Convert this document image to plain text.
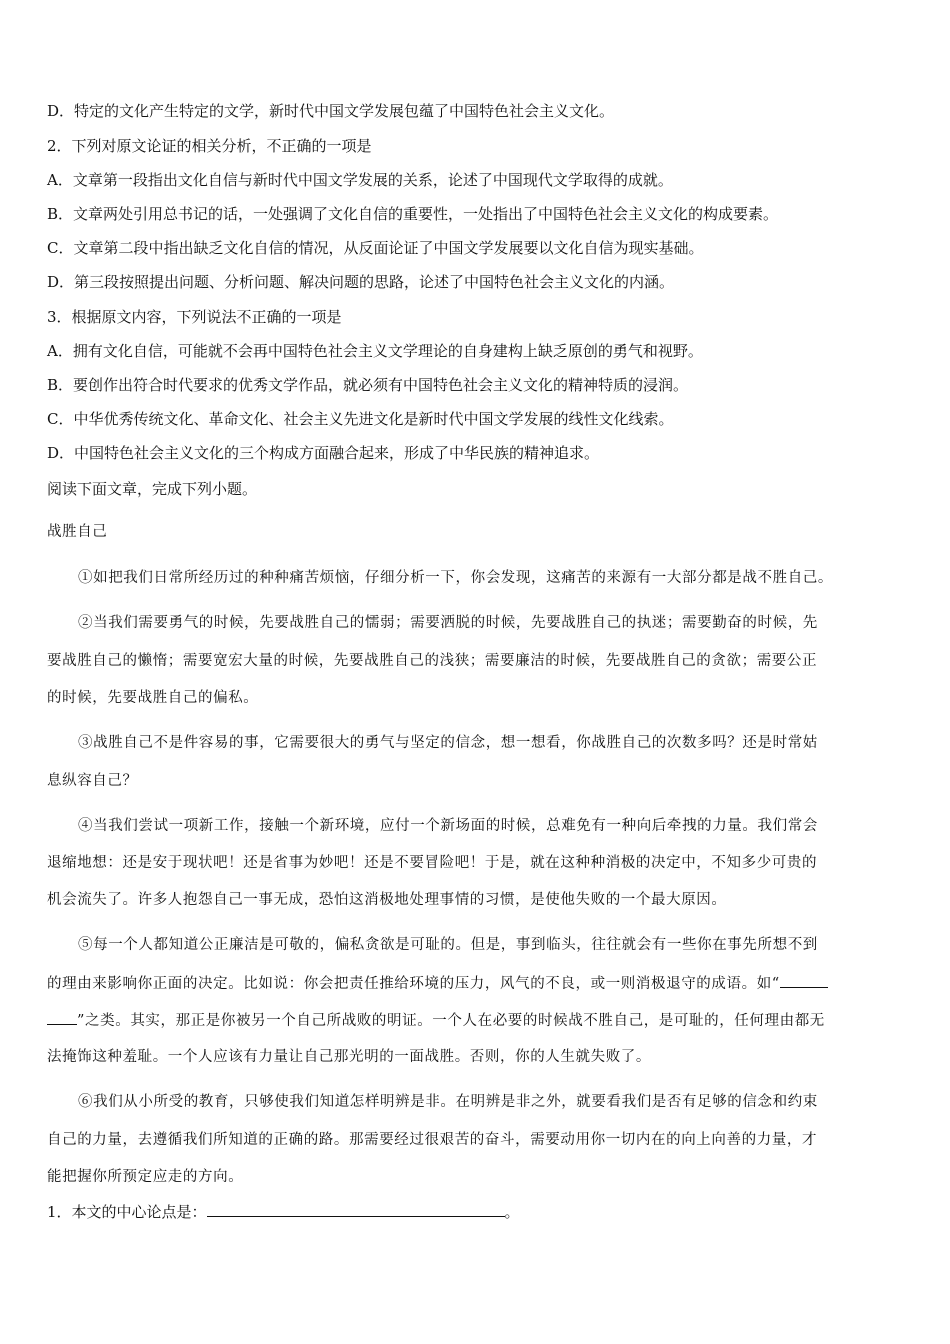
D．特定的文化产生特定的文学，新时代中国文学发展包蕴了中国特色社会主义文化。
2．下列对原文论证的相关分析，不正确的一项是
A．文章第一段指出文化自信与新时代中国文学发展的关系，论述了中国现代文学取得的成就。
B．文章两处引用总书记的话，一处强调了文化自信的重要性，一处指出了中国特色社会主义文化的构成要素。
C．文章第二段中指出缺乏文化自信的情况，从反面论证了中国文学发展要以文化自信为现实基础。
D．第三段按照提出问题、分析问题、解决问题的思路，论述了中国特色社会主义文化的内涵。
3．根据原文内容，下列说法不正确的一项是
A．拥有文化自信，可能就不会再中国特色社会主义文学理论的自身建构上缺乏原创的勇气和视野。
B．要创作出符合时代要求的优秀文学作品，就必须有中国特色社会主义文化的精神特质的浸润。
C．中华优秀传统文化、革命文化、社会主义先进文化是新时代中国文学发展的线性文化线索。
D．中国特色社会主义文化的三个构成方面融合起来，形成了中华民族的精神追求。
阅读下面文章，完成下列小题。
战胜自己
①如把我们日常所经历过的种种痛苦烦恼，仔细分析一下，你会发现，这痛苦的来源有一大部分都是战不胜自己。
②当我们需要勇气的时候，先要战胜自己的懦弱；需要洒脱的时候，先要战胜自己的执迷；需要勤奋的时候，先
要战胜自己的懒惰；需要宽宏大量的时候，先要战胜自己的浅狭；需要廉洁的时候，先要战胜自己的贪欲；需要公正
的时候，先要战胜自己的偏私。
③战胜自己不是件容易的事，它需要很大的勇气与坚定的信念，想一想看，你战胜自己的次数多吗？还是时常姑
息纵容自己？
④当我们尝试一项新工作，接触一个新环境，应付一个新场面的时候，总难免有一种向后牵拽的力量。我们常会
退缩地想：还是安于现状吧！还是省事为妙吧！还是不要冒险吧！于是，就在这种种消极的决定中，不知多少可贵的
机会流失了。许多人抱怨自己一事无成，恐怕这消极地处理事情的习惯，是使他失败的一个最大原因。
⑤每一个人都知道公正廉洁是可敬的，偏私贪欲是可耻的。但是，事到临头，往往就会有一些你在事先所想不到
的理由来影响你正面的决定。比如说：你会把责任推给环境的压力，风气的不良，或一则消极退守的成语。如“
”之类。其实，那正是你被另一个自己所战败的明证。一个人在必要的时候战不胜自己，是可耻的，任何理由都无
法掩饰这种羞耻。一个人应该有力量让自己那光明的一面战胜。否则，你的人生就失败了。
⑥我们从小所受的教育，只够使我们知道怎样明辨是非。在明辨是非之外，就要看我们是否有足够的信念和约束
自己的力量，去遵循我们所知道的正确的路。那需要经过很艰苦的奋斗，需要动用你一切内在的向上向善的力量，才
能把握你所预定应走的方向。
1．本文的中心论点是：	。
